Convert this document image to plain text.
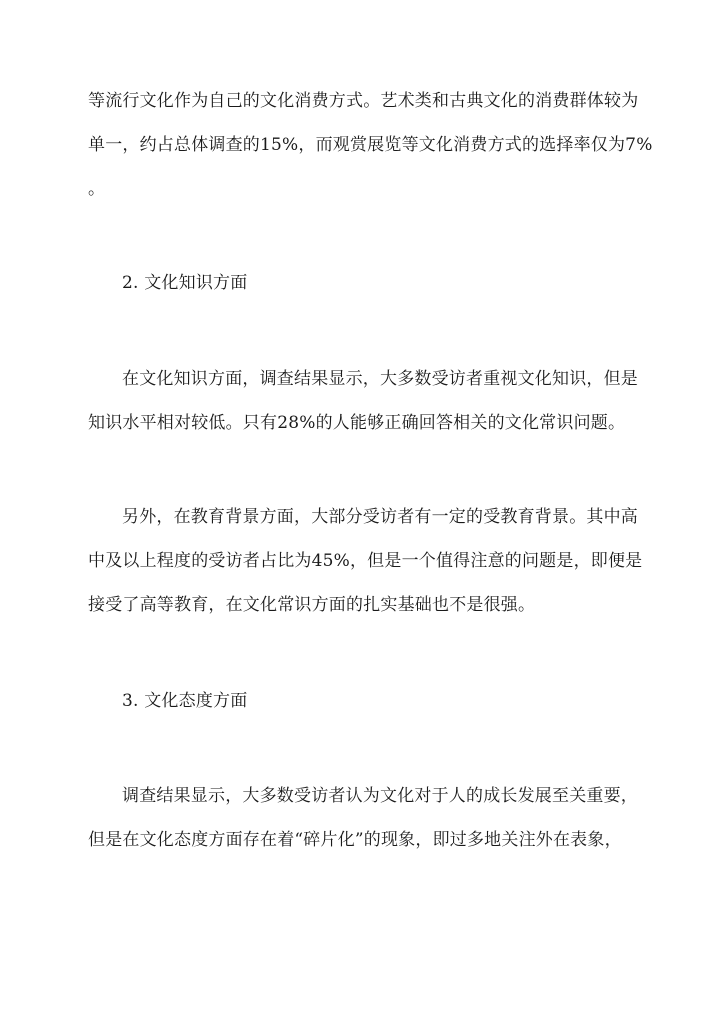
等流行文化作为自己的文化消费方式。艺术类和古典文化的消费群体较为
单一，约占总体调查的15%，而观赏展览等文化消费方式的选择率仅为7%
。
2. 文化知识方面
在文化知识方面，调查结果显示，大多数受访者重视文化知识，但是
知识水平相对较低。只有28%的人能够正确回答相关的文化常识问题。
另外，在教育背景方面，大部分受访者有一定的受教育背景。其中高
中及以上程度的受访者占比为45%，但是一个值得注意的问题是，即便是
接受了高等教育，在文化常识方面的扎实基础也不是很强。
3. 文化态度方面
调查结果显示，大多数受访者认为文化对于人的成长发展至关重要，
但是在文化态度方面存在着“碎片化”的现象，即过多地关注外在表象，
